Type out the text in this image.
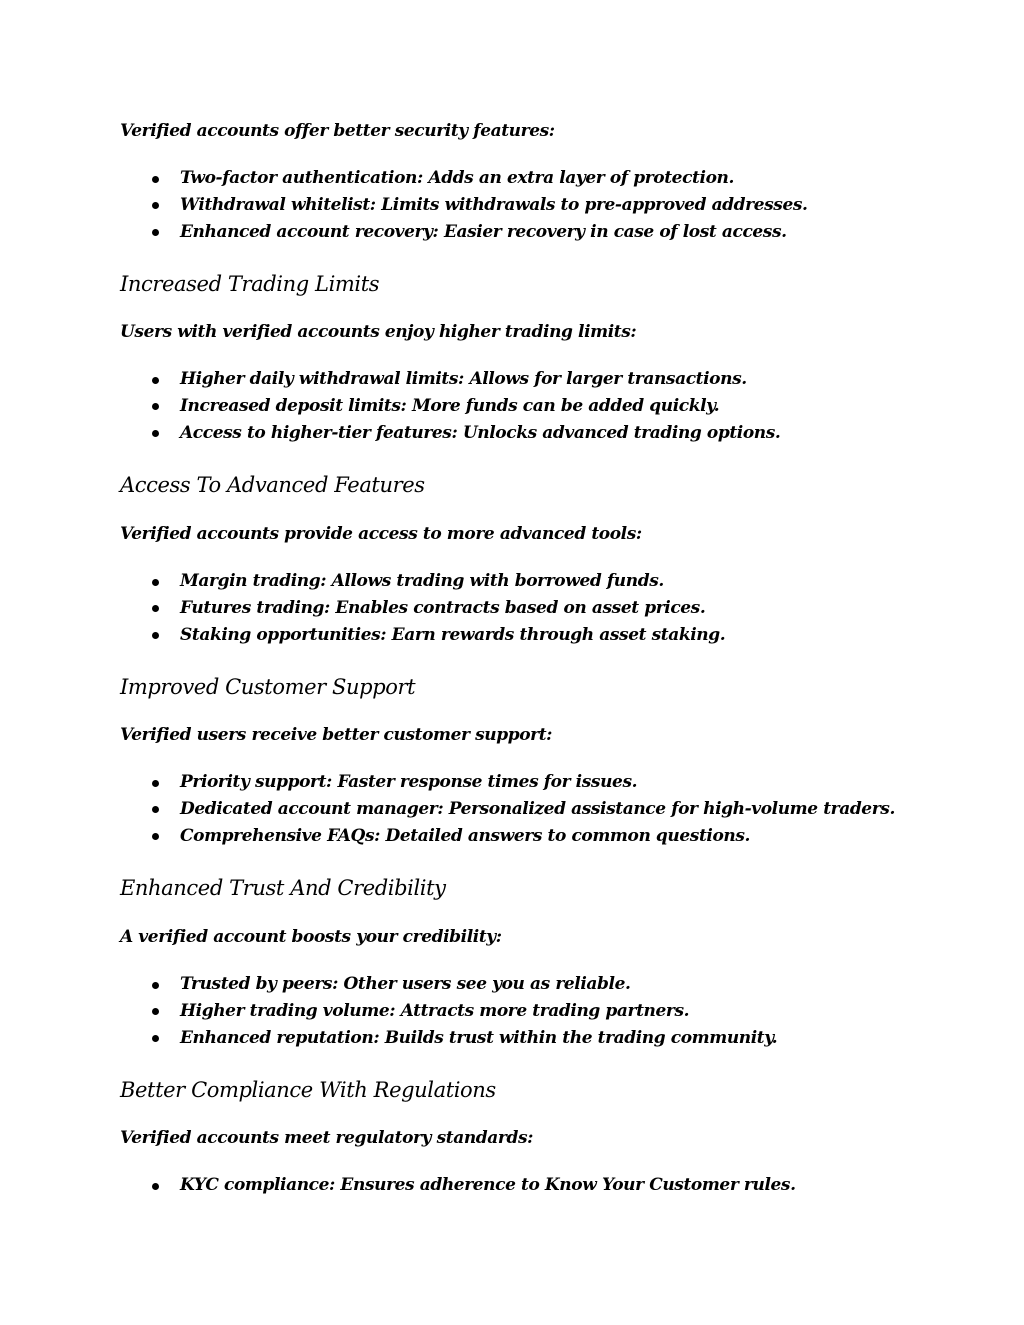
Verified accounts offer better security features:

Two-factor authentication: Adds an extra layer of protection.
Withdrawal whitelist: Limits withdrawals to pre-approved addresses.
Enhanced account recovery: Easier recovery in case of lost access.
Increased Trading Limits

Users with verified accounts enjoy higher trading limits:

Higher daily withdrawal limits: Allows for larger transactions.
Increased deposit limits: More funds can be added quickly.
Access to higher-tier features: Unlocks advanced trading options.
Access To Advanced Features

Verified accounts provide access to more advanced tools:

Margin trading: Allows trading with borrowed funds.
Futures trading: Enables contracts based on asset prices.
Staking opportunities: Earn rewards through asset staking.
Improved Customer Support

Verified users receive better customer support:

Priority support: Faster response times for issues.
Dedicated account manager: Personalized assistance for high-volume traders.
Comprehensive FAQs: Detailed answers to common questions.
Enhanced Trust And Credibility

A verified account boosts your credibility:

Trusted by peers: Other users see you as reliable.
Higher trading volume: Attracts more trading partners.
Enhanced reputation: Builds trust within the trading community.
Better Compliance With Regulations

Verified accounts meet regulatory standards:

KYC compliance: Ensures adherence to Know Your Customer rules.
